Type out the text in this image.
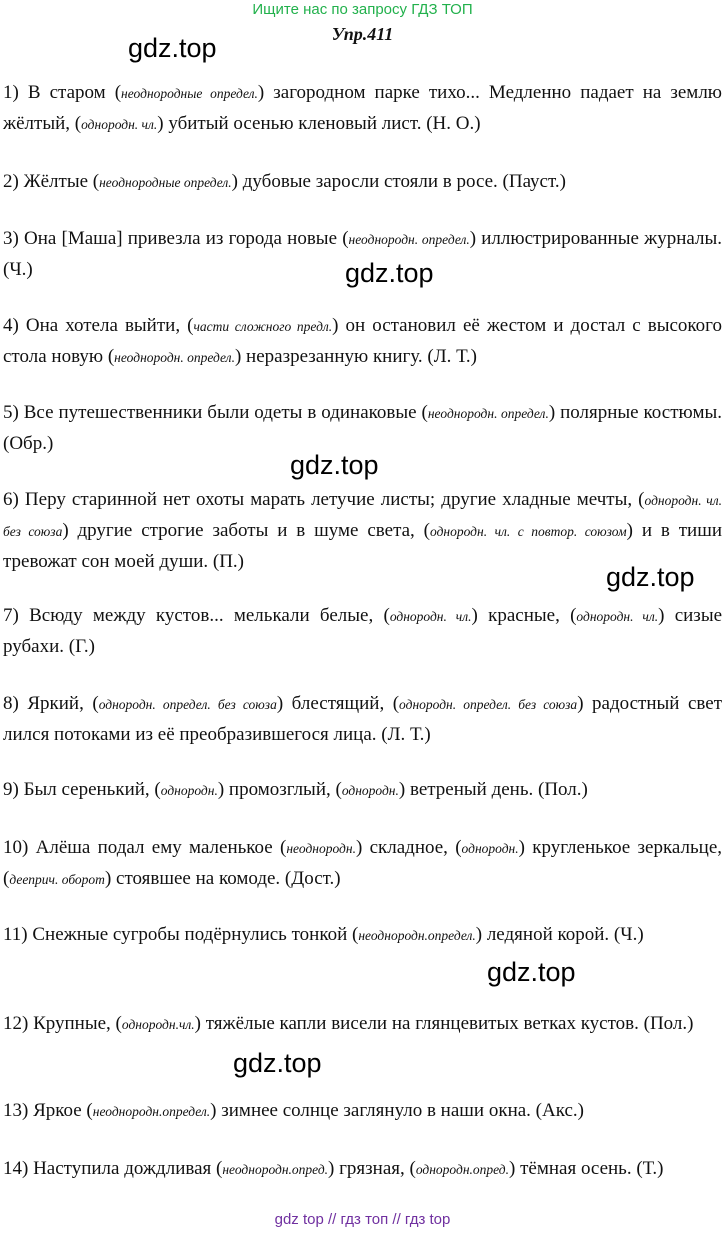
Ищите нас по запросу ГДЗ ТОП
Упр.411
gdz.top
gdz.top
gdz.top
gdz.top
gdz.top
gdz.top
1) В старом (неоднородные определ.) загородном парке тихо... Медленно падает на землю жёлтый, (однородн. чл.) убитый осенью кленовый лист. (Н. О.)
2) Жёлтые (неоднородные определ.) дубовые заросли стояли в росе. (Пауст.)
3) Она [Маша] привезла из города новые (неоднородн. определ.) иллюстрированные журналы. (Ч.)
4) Она хотела выйти, (части сложного предл.) он остановил её жестом и достал с высокого стола новую (неоднородн. определ.) неразрезанную книгу. (Л. Т.)
5) Все путешественники были одеты в одинаковые (неоднородн. определ.) полярные костюмы. (Обр.)
6) Перу старинной нет охоты марать летучие листы; другие хладные мечты, (однородн. чл. без союза) другие строгие заботы и в шуме света, (однородн. чл. с повтор. союзом) и в тиши тревожат сон моей души. (П.)
7) Всюду между кустов... мелькали белые, (однородн. чл.) красные, (однородн. чл.) сизые рубахи. (Г.)
8) Яркий, (однородн. определ. без союза) блестящий, (однородн. определ. без союза) радостный свет лился потоками из её преобразившегося лица. (Л. Т.)
9) Был серенький, (однородн.) промозглый, (однородн.) ветреный день. (Пол.)
10) Алёша подал ему маленькое (неоднородн.) складное, (однородн.) кругленькое зеркальце, (дееприч. оборот) стоявшее на комоде. (Дост.)
11) Снежные сугробы подёрнулись тонкой (неоднородн.определ.) ледяной корой. (Ч.)
12) Крупные, (однородн.чл.) тяжёлые капли висели на глянцевитых ветках кустов. (Пол.)
13) Яркое (неоднородн.определ.) зимнее солнце заглянуло в наши окна. (Акс.)
14) Наступила дождливая (неоднородн.опред.) грязная, (однородн.опред.) тёмная осень. (Т.)
gdz top // гдз топ // гдз top
